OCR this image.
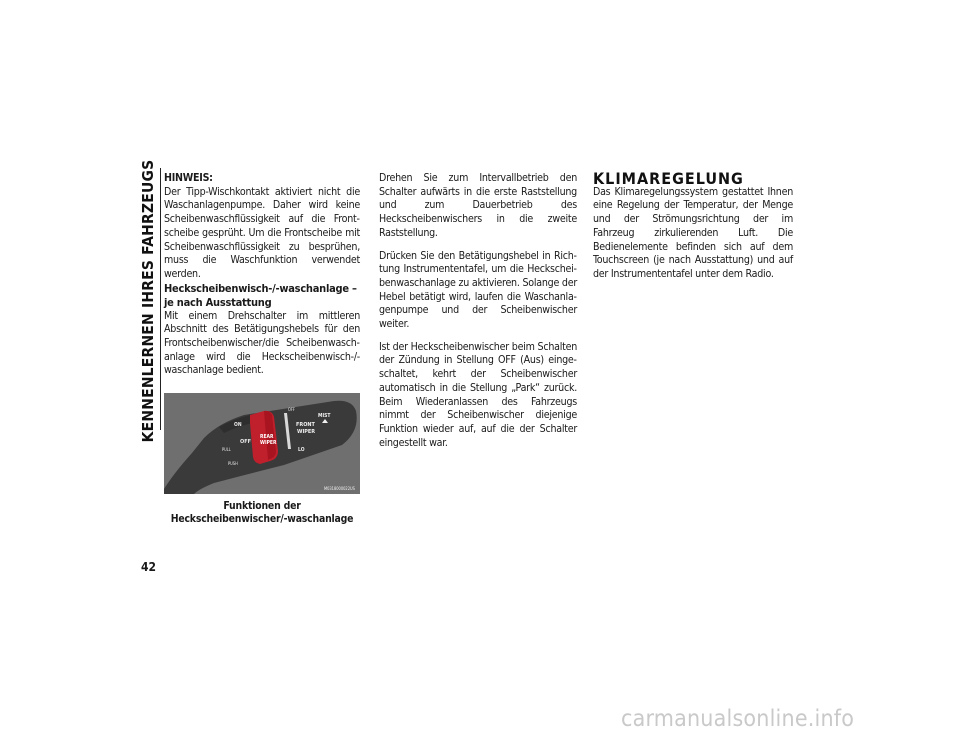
KENNENLERNEN IHRES FAHRZEUGS
42

HINWEIS:

Der Tipp-Wischkontakt aktiviert nicht die Waschanlagenpumpe. Daher wird keine Scheibenwaschflüssigkeit auf die Frontscheibe gesprüht. Um die Frontscheibe mit Scheibenwaschflüssigkeit zu besprühen, muss die Waschfunktion verwendet werden.

Heckscheibenwisch-/-waschanlage – je nach Ausstattung

Mit einem Drehschalter im mittleren Abschnitt des Betätigungshebels für den Frontscheibenwischer/die Scheibenwaschanlage wird die Heckscheibenwisch-/-waschanlage bedient.

ON
OFF
PULL
PUSH
REAR
WIPER
OFF
FRONT
WIPER
MIST
LO
M0318000022US
Funktionen der Heckscheibenwischer/-waschanlage

Drehen Sie zum Intervallbetrieb den Schalter aufwärts in die erste Raststellung und zum Dauerbetrieb des Heckscheibenwischers in die zweite Raststellung.

Drücken Sie den Betätigungshebel in Richtung Instrumententafel, um die Heckscheibenwaschanlage zu aktivieren. Solange der Hebel betätigt wird, laufen die Waschanlagenpumpe und der Scheibenwischer weiter.

Ist der Heckscheibenwischer beim Schalten der Zündung in Stellung OFF (Aus) eingeschaltet, kehrt der Scheibenwischer automatisch in die Stellung „Park“ zurück. Beim Wiederanlassen des Fahrzeugs nimmt der Scheibenwischer diejenige Funktion wieder auf, auf die der Schalter eingestellt war.

KLIMAREGELUNG

Das Klimaregelungssystem gestattet Ihnen eine Regelung der Temperatur, der Menge und der Strömungsrichtung der im Fahrzeug zirkulierenden Luft. Die Bedienelemente befinden sich auf dem Touchscreen (je nach Ausstattung) und auf der Instrumententafel unter dem Radio.

carmanualsonline.info
